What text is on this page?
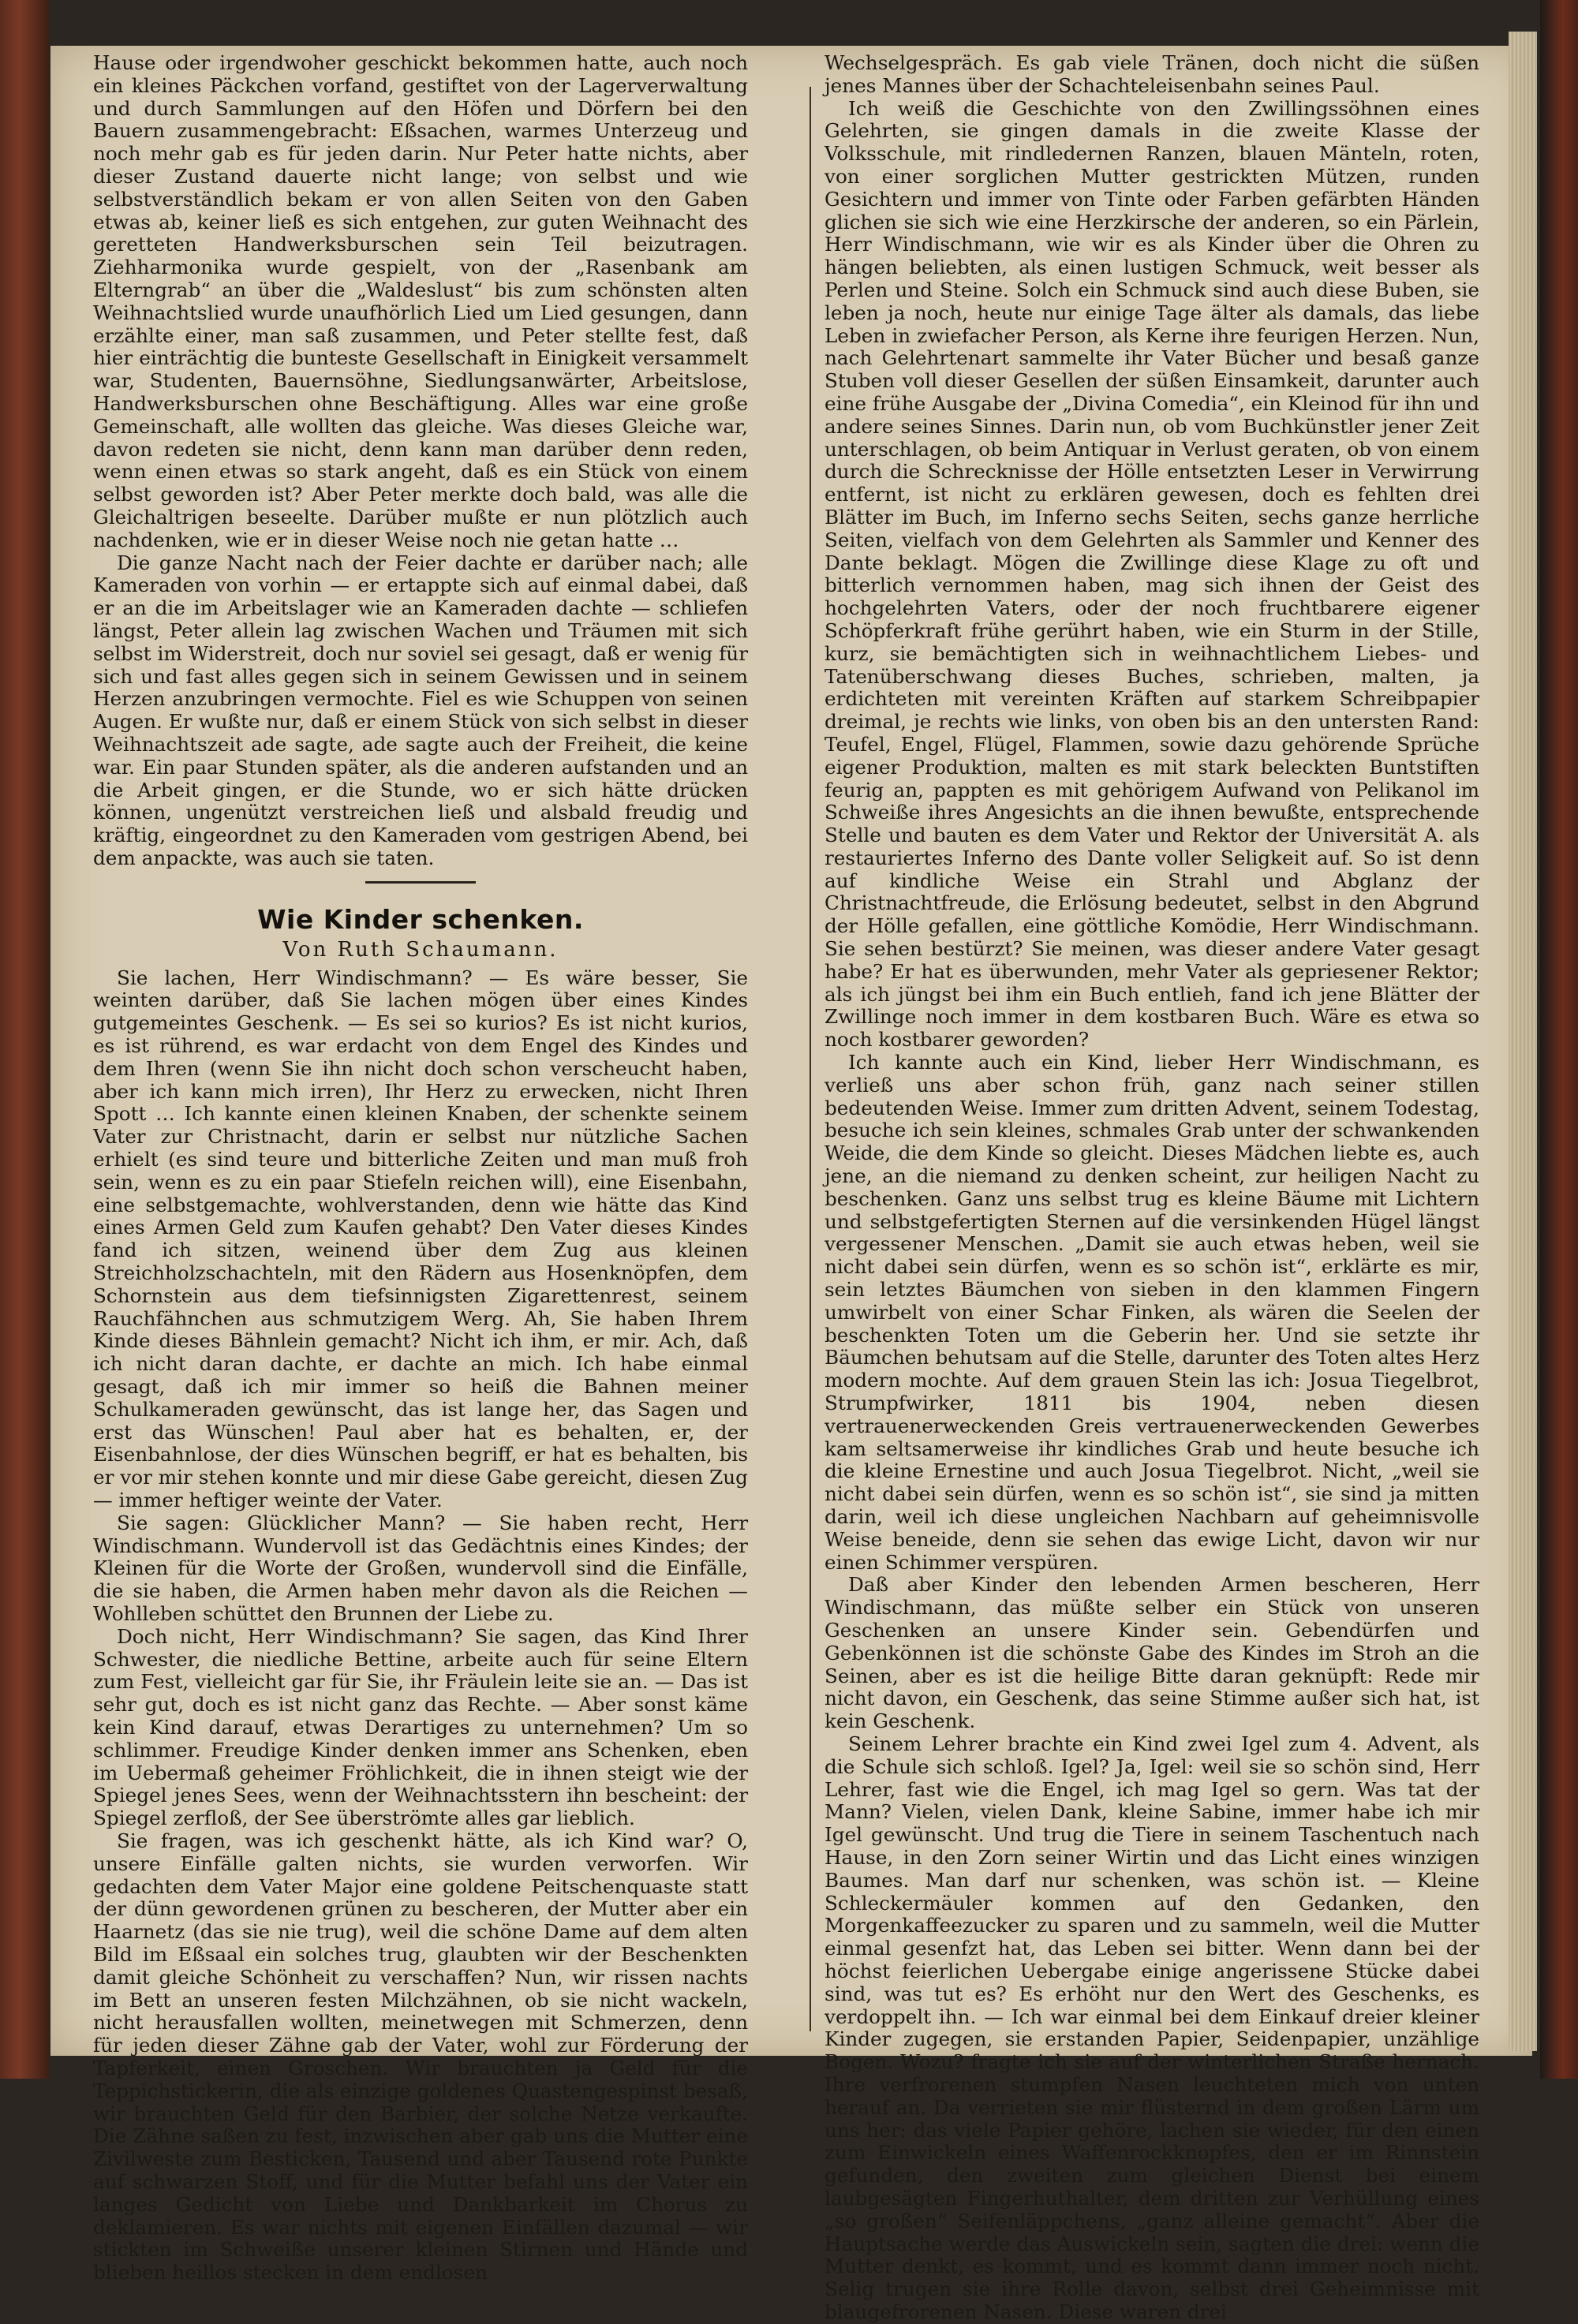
Hause oder irgendwoher geschickt bekommen hatte, auch noch ein kleines Päckchen vorfand, gestiftet von der Lagerverwaltung und durch Sammlungen auf den Höfen und Dörfern bei den Bauern zusammengebracht: Eßsachen, warmes Unterzeug und noch mehr gab es für jeden darin. Nur Peter hatte nichts, aber dieser Zustand dauerte nicht lange; von selbst und wie selbstverständlich bekam er von allen Seiten von den Gaben etwas ab, keiner ließ es sich entgehen, zur guten Weihnacht des geretteten Handwerksburschen sein Teil beizutragen. Ziehharmonika wurde gespielt, von der „Rasenbank am Elterngrab“ an über die „Waldeslust“ bis zum schönsten alten Weihnachtslied wurde unaufhörlich Lied um Lied gesungen, dann erzählte einer, man saß zusammen, und Peter stellte fest, daß hier einträchtig die bunteste Gesellschaft in Einigkeit versammelt war, Studenten, Bauernsöhne, Siedlungsanwärter, Arbeitslose, Handwerksburschen ohne Beschäftigung. Alles war eine große Gemeinschaft, alle wollten das gleiche. Was dieses Gleiche war, davon redeten sie nicht, denn kann man darüber denn reden, wenn einen etwas so stark angeht, daß es ein Stück von einem selbst geworden ist? Aber Peter merkte doch bald, was alle die Gleichaltrigen beseelte. Darüber mußte er nun plötzlich auch nachdenken, wie er in dieser Weise noch nie getan hatte …

Die ganze Nacht nach der Feier dachte er darüber nach; alle Kameraden von vorhin — er ertappte sich auf einmal dabei, daß er an die im Arbeitslager wie an Kameraden dachte — schliefen längst, Peter allein lag zwischen Wachen und Träumen mit sich selbst im Widerstreit, doch nur soviel sei gesagt, daß er wenig für sich und fast alles gegen sich in seinem Gewissen und in seinem Herzen anzubringen vermochte. Fiel es wie Schuppen von seinen Augen. Er wußte nur, daß er einem Stück von sich selbst in dieser Weihnachtszeit ade sagte, ade sagte auch der Freiheit, die keine war. Ein paar Stunden später, als die anderen aufstanden und an die Arbeit gingen, er die Stunde, wo er sich hätte drücken können, ungenützt verstreichen ließ und alsbald freudig und kräftig, eingeordnet zu den Kameraden vom gestrigen Abend, bei dem anpackte, was auch sie taten.

Wie Kinder schenken.
Von Ruth Schaumann.

Sie lachen, Herr Windischmann? — Es wäre besser, Sie weinten darüber, daß Sie lachen mögen über eines Kindes gutgemeintes Geschenk. — Es sei so kurios? Es ist nicht kurios, es ist rührend, es war erdacht von dem Engel des Kindes und dem Ihren (wenn Sie ihn nicht doch schon verscheucht haben, aber ich kann mich irren), Ihr Herz zu erwecken, nicht Ihren Spott … Ich kannte einen kleinen Knaben, der schenkte seinem Vater zur Christnacht, darin er selbst nur nützliche Sachen erhielt (es sind teure und bitterliche Zeiten und man muß froh sein, wenn es zu ein paar Stiefeln reichen will), eine Eisenbahn, eine selbstgemachte, wohlverstanden, denn wie hätte das Kind eines Armen Geld zum Kaufen gehabt? Den Vater dieses Kindes fand ich sitzen, weinend über dem Zug aus kleinen Streichholzschachteln, mit den Rädern aus Hosenknöpfen, dem Schornstein aus dem tiefsinnigsten Zigarettenrest, seinem Rauchfähnchen aus schmutzigem Werg. Ah, Sie haben Ihrem Kinde dieses Bähnlein gemacht? Nicht ich ihm, er mir. Ach, daß ich nicht daran dachte, er dachte an mich. Ich habe einmal gesagt, daß ich mir immer so heiß die Bahnen meiner Schulkameraden gewünscht, das ist lange her, das Sagen und erst das Wünschen! Paul aber hat es behalten, er, der Eisenbahnlose, der dies Wünschen begriff, er hat es behalten, bis er vor mir stehen konnte und mir diese Gabe gereicht, diesen Zug — immer heftiger weinte der Vater.

Sie sagen: Glücklicher Mann? — Sie haben recht, Herr Windischmann. Wundervoll ist das Gedächtnis eines Kindes; der Kleinen für die Worte der Großen, wundervoll sind die Einfälle, die sie haben, die Armen haben mehr davon als die Reichen — Wohlleben schüttet den Brunnen der Liebe zu.

Doch nicht, Herr Windischmann? Sie sagen, das Kind Ihrer Schwester, die niedliche Bettine, arbeite auch für seine Eltern zum Fest, vielleicht gar für Sie, ihr Fräulein leite sie an. — Das ist sehr gut, doch es ist nicht ganz das Rechte. — Aber sonst käme kein Kind darauf, etwas Derartiges zu unternehmen? Um so schlimmer. Freudige Kinder denken immer ans Schenken, eben im Uebermaß geheimer Fröhlichkeit, die in ihnen steigt wie der Spiegel jenes Sees, wenn der Weihnachtsstern ihn bescheint: der Spiegel zerfloß, der See überströmte alles gar lieblich.

Sie fragen, was ich geschenkt hätte, als ich Kind war? O, unsere Einfälle galten nichts, sie wurden verworfen. Wir gedachten dem Vater Major eine goldene Peitschenquaste statt der dünn gewordenen grünen zu bescheren, der Mutter aber ein Haarnetz (das sie nie trug), weil die schöne Dame auf dem alten Bild im Eßsaal ein solches trug, glaubten wir der Beschenkten damit gleiche Schönheit zu verschaffen? Nun, wir rissen nachts im Bett an unseren festen Milchzähnen, ob sie nicht wackeln, nicht herausfallen wollten, meinetwegen mit Schmerzen, denn für jeden dieser Zähne gab der Vater, wohl zur Förderung der Tapferkeit, einen Groschen. Wir brauchten ja Geld für die Teppichstickerin, die als einzige goldenes Quastengespinst besaß, wir brauchten Geld für den Barbier, der solche Netze verkaufte. Die Zähne saßen zu fest, inzwischen aber gab uns die Mutter eine Zivilweste zum Besticken, Tausend und aber Tausend rote Punkte auf schwarzen Stoff, und für die Mutter befahl uns der Vater ein langes Gedicht von Liebe und Dankbarkeit im Chorus zu deklamieren. Es war nichts mit eigenen Einfällen dazumal — wir stickten im Schweiße unserer kleinen Stirnen und Hände und blieben heillos stecken in dem endlosen

Wechselgespräch. Es gab viele Tränen, doch nicht die süßen jenes Mannes über der Schachteleisenbahn seines Paul.

Ich weiß die Geschichte von den Zwillingssöhnen eines Gelehrten, sie gingen damals in die zweite Klasse der Volksschule, mit rindledernen Ranzen, blauen Mänteln, roten, von einer sorglichen Mutter gestrickten Mützen, runden Gesichtern und immer von Tinte oder Farben gefärbten Händen glichen sie sich wie eine Herzkirsche der anderen, so ein Pärlein, Herr Windischmann, wie wir es als Kinder über die Ohren zu hängen beliebten, als einen lustigen Schmuck, weit besser als Perlen und Steine. Solch ein Schmuck sind auch diese Buben, sie leben ja noch, heute nur einige Tage älter als damals, das liebe Leben in zwiefacher Person, als Kerne ihre feurigen Herzen. Nun, nach Gelehrtenart sammelte ihr Vater Bücher und besaß ganze Stuben voll dieser Gesellen der süßen Einsamkeit, darunter auch eine frühe Ausgabe der „Divina Comedia“, ein Kleinod für ihn und andere seines Sinnes. Darin nun, ob vom Buchkünstler jener Zeit unterschlagen, ob beim Antiquar in Verlust geraten, ob von einem durch die Schrecknisse der Hölle entsetzten Leser in Verwirrung entfernt, ist nicht zu erklären gewesen, doch es fehlten drei Blätter im Buch, im Inferno sechs Seiten, sechs ganze herrliche Seiten, vielfach von dem Gelehrten als Sammler und Kenner des Dante beklagt. Mögen die Zwillinge diese Klage zu oft und bitterlich vernommen haben, mag sich ihnen der Geist des hochgelehrten Vaters, oder der noch fruchtbarere eigener Schöpferkraft frühe gerührt haben, wie ein Sturm in der Stille, kurz, sie bemächtigten sich in weihnachtlichem Liebes- und Tatenüberschwang dieses Buches, schrieben, malten, ja erdichteten mit vereinten Kräften auf starkem Schreibpapier dreimal, je rechts wie links, von oben bis an den untersten Rand: Teufel, Engel, Flügel, Flammen, sowie dazu gehörende Sprüche eigener Produktion, malten es mit stark beleckten Buntstiften feurig an, pappten es mit gehörigem Aufwand von Pelikanol im Schweiße ihres Angesichts an die ihnen bewußte, entsprechende Stelle und bauten es dem Vater und Rektor der Universität A. als restauriertes Inferno des Dante voller Seligkeit auf. So ist denn auf kindliche Weise ein Strahl und Abglanz der Christnachtfreude, die Erlösung bedeutet, selbst in den Abgrund der Hölle gefallen, eine göttliche Komödie, Herr Windischmann. Sie sehen bestürzt? Sie meinen, was dieser andere Vater gesagt habe? Er hat es überwunden, mehr Vater als gepriesener Rektor; als ich jüngst bei ihm ein Buch entlieh, fand ich jene Blätter der Zwillinge noch immer in dem kostbaren Buch. Wäre es etwa so noch kostbarer geworden?

Ich kannte auch ein Kind, lieber Herr Windischmann, es verließ uns aber schon früh, ganz nach seiner stillen bedeutenden Weise. Immer zum dritten Advent, seinem Todestag, besuche ich sein kleines, schmales Grab unter der schwankenden Weide, die dem Kinde so gleicht. Dieses Mädchen liebte es, auch jene, an die niemand zu denken scheint, zur heiligen Nacht zu beschenken. Ganz uns selbst trug es kleine Bäume mit Lichtern und selbstgefertigten Sternen auf die versinkenden Hügel längst vergessener Menschen. „Damit sie auch etwas heben, weil sie nicht dabei sein dürfen, wenn es so schön ist“, erklärte es mir, sein letztes Bäumchen von sieben in den klammen Fingern umwirbelt von einer Schar Finken, als wären die Seelen der beschenkten Toten um die Geberin her. Und sie setzte ihr Bäumchen behutsam auf die Stelle, darunter des Toten altes Herz modern mochte. Auf dem grauen Stein las ich: Josua Tiegelbrot, Strumpfwirker, 1811 bis 1904, neben diesen vertrauenerweckenden Greis vertrauenerweckenden Gewerbes kam seltsamerweise ihr kindliches Grab und heute besuche ich die kleine Ernestine und auch Josua Tiegelbrot. Nicht, „weil sie nicht dabei sein dürfen, wenn es so schön ist“, sie sind ja mitten darin, weil ich diese ungleichen Nachbarn auf geheimnisvolle Weise beneide, denn sie sehen das ewige Licht, davon wir nur einen Schimmer verspüren.

Daß aber Kinder den lebenden Armen bescheren, Herr Windischmann, das müßte selber ein Stück von unseren Geschenken an unsere Kinder sein. Gebendürfen und Gebenkönnen ist die schönste Gabe des Kindes im Stroh an die Seinen, aber es ist die heilige Bitte daran geknüpft: Rede mir nicht davon, ein Geschenk, das seine Stimme außer sich hat, ist kein Geschenk.

Seinem Lehrer brachte ein Kind zwei Igel zum 4. Advent, als die Schule sich schloß. Igel? Ja, Igel: weil sie so schön sind, Herr Lehrer, fast wie die Engel, ich mag Igel so gern. Was tat der Mann? Vielen, vielen Dank, kleine Sabine, immer habe ich mir Igel gewünscht. Und trug die Tiere in seinem Taschentuch nach Hause, in den Zorn seiner Wirtin und das Licht eines winzigen Baumes. Man darf nur schenken, was schön ist. — Kleine Schleckermäuler kommen auf den Gedanken, den Morgenkaffeezucker zu sparen und zu sammeln, weil die Mutter einmal gesenfzt hat, das Leben sei bitter. Wenn dann bei der höchst feierlichen Uebergabe einige angerissene Stücke dabei sind, was tut es? Es erhöht nur den Wert des Geschenks, es verdoppelt ihn. — Ich war einmal bei dem Einkauf dreier kleiner Kinder zugegen, sie erstanden Papier, Seidenpapier, unzählige Bogen. Wozu? fragte ich sie auf der winterlichen Straße hernach. Ihre verfrorenen stumpfen Nasen leuchteten mich von unten herauf an. Da verrieten sie mir flüsternd in dem großen Lärm um uns her: das viele Papier gehöre, lachen sie wieder, für den einen zum Einwickeln eines Waffenrockknopfes, den er im Rinnstein gefunden, den zweiten zum gleichen Dienst bei einem laubgesägten Fingerhuthalter, dem dritten zur Verhüllung eines „so großen“ Seifenläppchens, „ganz alleine gemacht“. Aber die Hauptsache werde das Auswickeln sein, sagten die drei: wenn die Mutter denkt, es kommt, und es kommt dann immer noch nicht. Selig trugen sie ihre Rolle davon, selbst drei Geheimnisse mit blaugefrorenen Nasen. Diese waren drei
